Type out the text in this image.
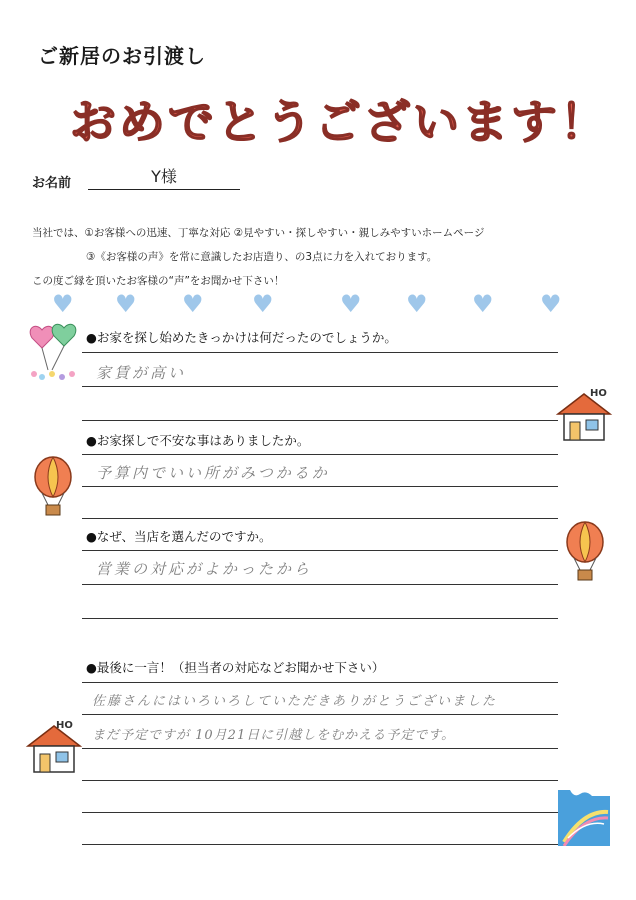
ご新居のお引渡し
おめでとうございます！
お名前	Y様
当社では、①お客様への迅速、丁寧な対応 ②見やすい・探しやすい・親しみやすいホームページ
③《お客様の声》を常に意識したお店造り、の3点に力を入れております。
この度ご縁を頂いたお客様の“声”をお聞かせ下さい！
♥ ♥ ♥ ♥	♥ ♥ ♥ ♥
●お家を探し始めたきっかけは何だったのでしょうか。
家賃が高い
HO
●お家探しで不安な事はありましたか。
予算内でいい所がみつかるか
●なぜ、当店を選んだのですか。
営業の対応がよかったから
●最後に一言！（担当者の対応などお聞かせ下さい）
佐藤さんにはいろいろしていただきありがとうございました
まだ予定ですが 10月21日に引越しをむかえる予定です。
HO
